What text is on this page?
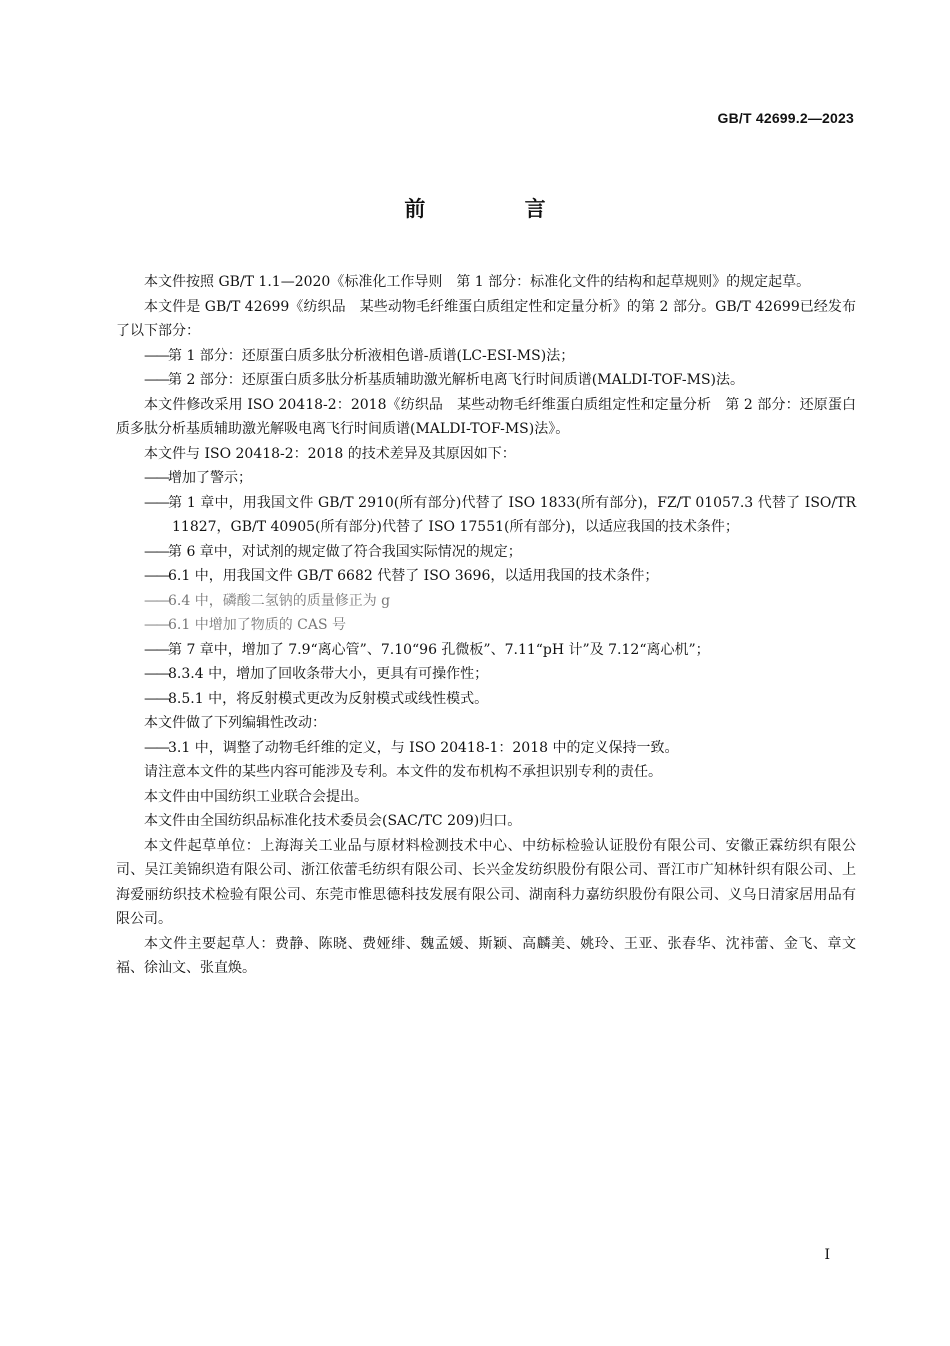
GB/T 42699.2—2023
前 言
本文件按照 GB/T 1.1—2020《标准化工作导则　第 1 部分：标准化文件的结构和起草规则》的规定起草。
本文件是 GB/T 42699《纺织品　某些动物毛纤维蛋白质组定性和定量分析》的第 2 部分。GB/T 42699已经发布了以下部分：
——第 1 部分：还原蛋白质多肽分析液相色谱-质谱(LC-ESI-MS)法；
——第 2 部分：还原蛋白质多肽分析基质辅助激光解析电离飞行时间质谱(MALDI-TOF-MS)法。
本文件修改采用 ISO 20418-2：2018《纺织品　某些动物毛纤维蛋白质组定性和定量分析　第 2 部分：还原蛋白质多肽分析基质辅助激光解吸电离飞行时间质谱(MALDI-TOF-MS)法》。
本文件与 ISO 20418-2：2018 的技术差异及其原因如下：
——增加了警示；
——第 1 章中，用我国文件 GB/T 2910(所有部分)代替了 ISO 1833(所有部分)，FZ/T 01057.3 代替了 ISO/TR 11827，GB/T 40905(所有部分)代替了 ISO 17551(所有部分)，以适应我国的技术条件；
——第 6 章中，对试剂的规定做了符合我国实际情况的规定；
——6.1 中，用我国文件 GB/T 6682 代替了 ISO 3696，以适用我国的技术条件；
——6.4 中，磷酸二氢钠的质量修正为 g
——6.1 中增加了物质的 CAS 号
——第 7 章中，增加了 7.9“离心管”、7.10“96 孔微板”、7.11“pH 计”及 7.12“离心机”；
——8.3.4 中，增加了回收条带大小，更具有可操作性；
——8.5.1 中，将反射模式更改为反射模式或线性模式。
本文件做了下列编辑性改动：
——3.1 中，调整了动物毛纤维的定义，与 ISO 20418-1：2018 中的定义保持一致。
请注意本文件的某些内容可能涉及专利。本文件的发布机构不承担识别专利的责任。
本文件由中国纺织工业联合会提出。
本文件由全国纺织品标准化技术委员会(SAC/TC 209)归口。
本文件起草单位：上海海关工业品与原材料检测技术中心、中纺标检验认证股份有限公司、安徽正霖纺织有限公司、吴江美锦织造有限公司、浙江依蕾毛纺织有限公司、长兴金发纺织股份有限公司、晋江市广知林针织有限公司、上海爱丽纺织技术检验有限公司、东莞市惟思德科技发展有限公司、湖南科力嘉纺织股份有限公司、义乌日清家居用品有限公司。
本文件主要起草人：费静、陈晓、费娅绯、魏孟媛、斯颖、高麟美、姚玲、王亚、张春华、沈祎蕾、金飞、章文福、徐汕文、张直焕。
I
